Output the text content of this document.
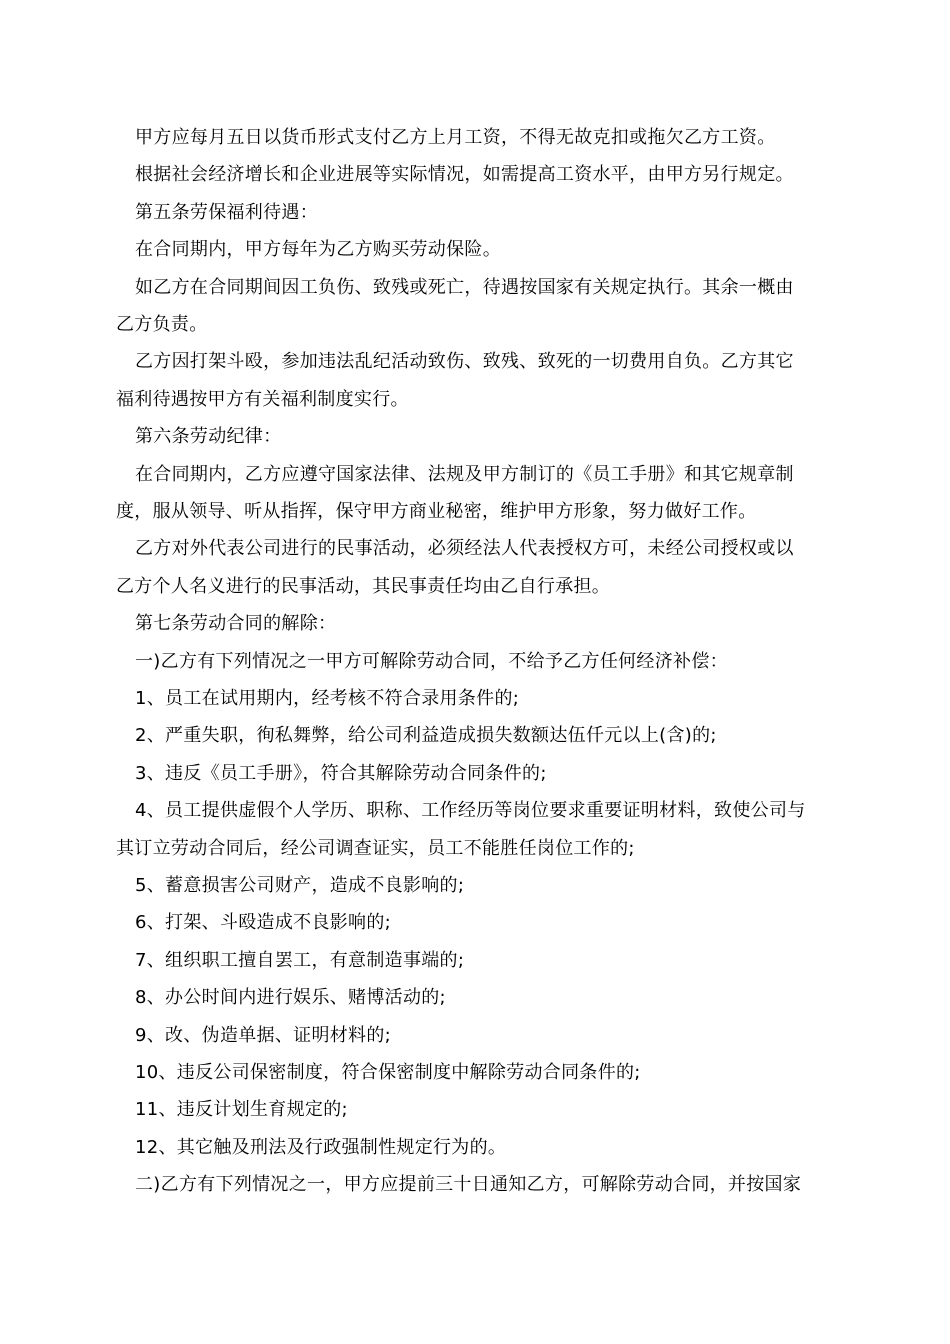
甲方应每月五日以货币形式支付乙方上月工资，不得无故克扣或拖欠乙方工资。
根据社会经济增长和企业进展等实际情况，如需提高工资水平，由甲方另行规定。
第五条劳保福利待遇：
在合同期内，甲方每年为乙方购买劳动保险。
如乙方在合同期间因工负伤、致残或死亡，待遇按国家有关规定执行。其余一概由
乙方负责。
乙方因打架斗殴，参加违法乱纪活动致伤、致残、致死的一切费用自负。乙方其它
福利待遇按甲方有关福利制度实行。
第六条劳动纪律：
在合同期内，乙方应遵守国家法律、法规及甲方制订的《员工手册》和其它规章制
度，服从领导、听从指挥，保守甲方商业秘密，维护甲方形象，努力做好工作。
乙方对外代表公司进行的民事活动，必须经法人代表授权方可，未经公司授权或以
乙方个人名义进行的民事活动，其民事责任均由乙自行承担。
第七条劳动合同的解除：
一)乙方有下列情况之一甲方可解除劳动合同，不给予乙方任何经济补偿：
1、员工在试用期内，经考核不符合录用条件的;
2、严重失职，徇私舞弊，给公司利益造成损失数额达伍仟元以上(含)的;
3、违反《员工手册》，符合其解除劳动合同条件的;
4、员工提供虚假个人学历、职称、工作经历等岗位要求重要证明材料，致使公司与
其订立劳动合同后，经公司调查证实，员工不能胜任岗位工作的;
5、蓄意损害公司财产，造成不良影响的;
6、打架、斗殴造成不良影响的;
7、组织职工擅自罢工，有意制造事端的;
8、办公时间内进行娱乐、赌博活动的;
9、改、伪造单据、证明材料的;
10、违反公司保密制度，符合保密制度中解除劳动合同条件的;
11、违反计划生育规定的;
12、其它触及刑法及行政强制性规定行为的。
二)乙方有下列情况之一，甲方应提前三十日通知乙方，可解除劳动合同，并按国家
